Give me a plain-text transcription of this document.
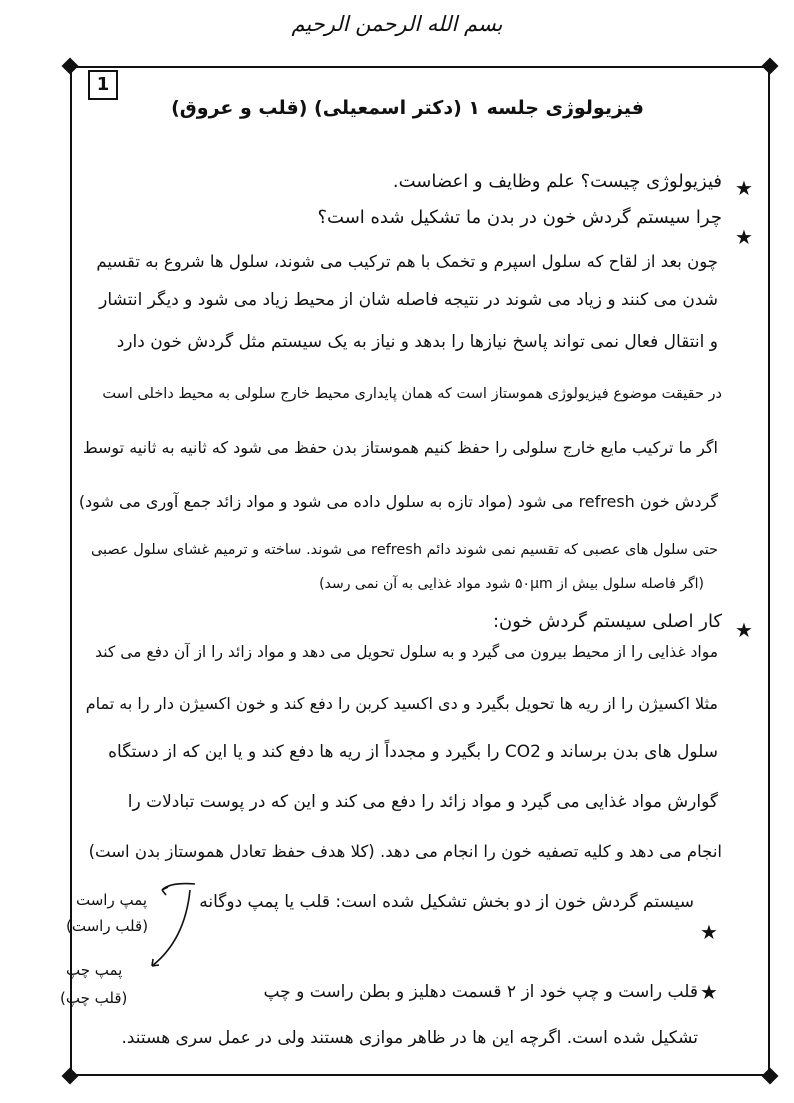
بسم الله الرحمن الرحیم
1
فیزیولوژی جلسه ۱ (دکتر اسمعیلی) (قلب و عروق)
★
فیزیولوژی چیست؟ علم وظایف و اعضاست.
★
چرا سیستم گردش خون در بدن ما تشکیل شده است؟
چون بعد از لقاح که سلول اسپرم و تخمک با هم ترکیب می شوند، سلول ها شروع به تقسیم
شدن می کنند و زیاد می شوند در نتیجه فاصله شان از محیط زیاد می شود و دیگر انتشار
و انتقال فعال نمی تواند پاسخ نیازها را بدهد و نیاز به یک سیستم مثل گردش خون دارد
در حقیقت موضوع فیزیولوژی هموستاز است که همان پایداری محیط خارج سلولی به محیط داخلی است
اگر ما ترکیب مایع خارج سلولی را حفظ کنیم هموستاز بدن حفظ می شود که ثانیه به ثانیه توسط
گردش خون refresh می شود (مواد تازه به سلول داده می شود و مواد زائد جمع آوری می شود)
حتی سلول های عصبی که تقسیم نمی شوند دائم refresh می شوند. ساخته و ترمیم غشای سلول عصبی
(اگر فاصله سلول بیش از ۵۰μm شود مواد غذایی به آن نمی رسد)
★
کار اصلی سیستم گردش خون:
مواد غذایی را از محیط بیرون می گیرد و به سلول تحویل می دهد و مواد زائد را از آن دفع می کند
مثلا اکسیژن را از ریه ها تحویل بگیرد و دی اکسید کربن را دفع کند و خون اکسیژن دار را به تمام
سلول های بدن برساند و CO2 را بگیرد و مجدداً از ریه ها دفع کند و یا این که از دستگاه
گوارش مواد غذایی می گیرد و مواد زائد را دفع می کند و این که در پوست تبادلات را
انجام می دهد و کلیه تصفیه خون را انجام می دهد. (کلا هدف حفظ تعادل هموستاز بدن است)
★
سیستم گردش خون از دو بخش تشکیل شده است: قلب یا پمپ دوگانه
پمپ راست
(قلب راست)
پمپ چپ
(قلب چپ)	★
قلب راست و چپ خود از ۲ قسمت دهلیز و بطن راست و چپ
تشکیل شده است. اگرچه این ها در ظاهر موازی هستند ولی در عمل سری هستند.
